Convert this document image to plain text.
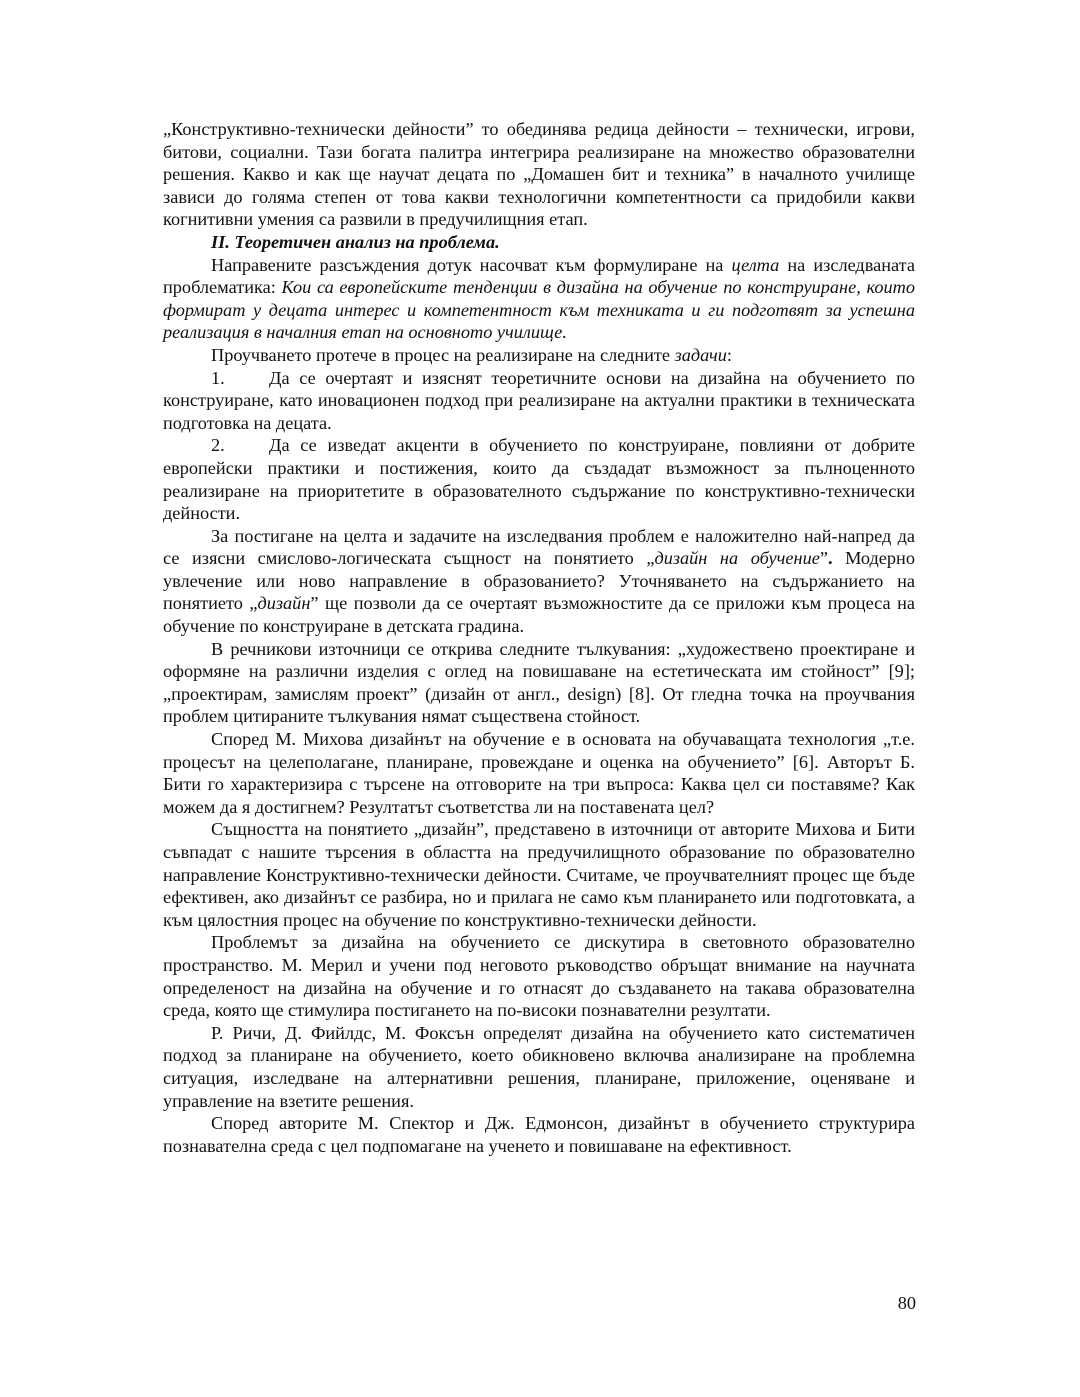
„Конструктивно-технически дейности” то обединява редица дейности – технически, игрови, битови, социални. Тази богата палитра интегрира реализиране на множество образователни решения. Какво и как ще научат децата по „Домашен бит и техника” в началното училище зависи до голяма степен от това какви технологични компетентности са придобили какви когнитивни умения са развили в предучилищния етап.

II. Теоретичен анализ на проблема.

Направените разсъждения дотук насочват към формулиране на целта на изследваната проблематика: Кои са европейските тенденции в дизайна на обучение по конструиране, които формират у децата интерес и компетентност към техниката и ги подготвят за успешна реализация в началния етап на основното училище.

Проучването протече в процес на реализиране на следните задачи:

1. Да се очертаят и изяснят теоретичните основи на дизайна на обучението по конструиране, като иновационен подход при реализиране на актуални практики в техническата подготовка на децата.

2. Да се изведат акценти в обучението по конструиране, повлияни от добрите европейски практики и постижения, които да създадат възможност за пълноценното реализиране на приоритетите в образователното съдържание по конструктивно-технически дейности.

За постигане на целта и задачите на изследвания проблем е наложително най-напред да се изясни смислово-логическата същност на понятието „дизайн на обучение”. Модерно увлечение или ново направление в образованието? Уточняването на съдържанието на понятието „дизайн” ще позволи да се очертаят възможностите да се приложи към процеса на обучение по конструиране в детската градина.

В речникови източници се открива следните тълкувания: „художествено проектиране и оформяне на различни изделия с оглед на повишаване на естетическата им стойност” [9]; „проектирам, замислям проект” (дизайн от англ., design) [8]. От гледна точка на проучвания проблем цитираните тълкувания нямат съществена стойност.

Според М. Михова дизайнът на обучение е в основата на обучаващата технология „т.е. процесът на целеполагане, планиране, провеждане и оценка на обучението” [6]. Авторът Б. Бити го характеризира с търсене на отговорите на три въпроса: Каква цел си поставяме? Как можем да я достигнем? Резултатът съответства ли на поставената цел?

Същността на понятието „дизайн”, представено в източници от авторите Михова и Бити съвпадат с нашите търсения в областта на предучилищното образование по образователно направление Конструктивно-технически дейности. Считаме, че проучвателният процес ще бъде ефективен, ако дизайнът се разбира, но и прилага не само към планирането или подготовката, а към цялостния процес на обучение по конструктивно-технически дейности.

Проблемът за дизайна на обучението се дискутира в световното образователно пространство. М. Мерил и учени под неговото ръководство обръщат внимание на научната определеност на дизайна на обучение и го отнасят до създаването на такава образователна среда, която ще стимулира постигането на по-високи познавателни резултати.

Р. Ричи, Д. Фийлдс, М. Фоксън определят дизайна на обучението като систематичен подход за планиране на обучението, което обикновено включва анализиране на проблемна ситуация, изследване на алтернативни решения, планиране, приложение, оценяване и управление на взетите решения.

Според авторите М. Спектор и Дж. Едмонсон, дизайнът в обучението структурира познавателна среда с цел подпомагане на ученето и повишаване на ефективност.

80
